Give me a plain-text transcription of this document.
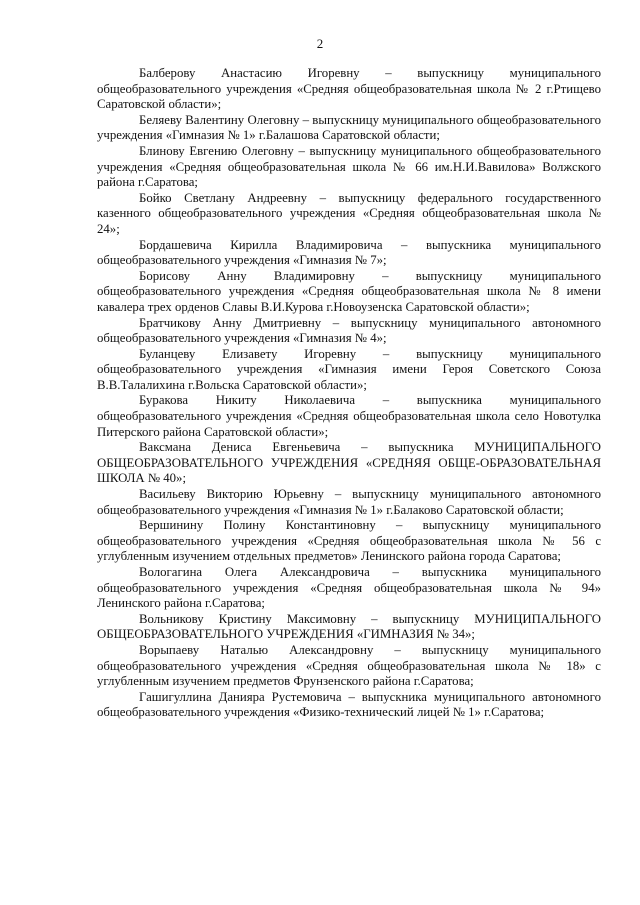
2

Балберову Анастасию Игоревну – выпускницу муниципального общеобразовательного учреждения «Средняя общеобразовательная школа № 2 г.Ртищево Саратовской области»;

Беляеву Валентину Олеговну – выпускницу муниципального общеобразовательного учреждения «Гимназия № 1» г.Балашова Саратовской области;

Блинову Евгению Олеговну – выпускницу муниципального общеобразовательного учреждения «Средняя общеобразовательная школа № 66 им.Н.И.Вавилова» Волжского района г.Саратова;

Бойко Светлану Андреевну – выпускницу федерального государственного казенного общеобразовательного учреждения «Средняя общеобразовательная школа № 24»;

Бордашевича Кирилла Владимировича – выпускника муниципального общеобразовательного учреждения «Гимназия № 7»;

Борисову Анну Владимировну – выпускницу муниципального общеобразовательного учреждения «Средняя общеобразовательная школа № 8 имени кавалера трех орденов Славы В.И.Курова г.Новоузенска Саратовской области»;

Братчикову Анну Дмитриевну – выпускницу муниципального автономного общеобразовательного учреждения «Гимназия № 4»;

Буланцеву Елизавету Игоревну – выпускницу муниципального общеобразовательного учреждения «Гимназия имени Героя Советского Союза В.В.Талалихина г.Вольска Саратовской области»;

Буракова Никиту Николаевича – выпускника муниципального общеобразовательного учреждения «Средняя общеобразовательная школа село Новотулка Питерского района Саратовской области»;

Ваксмана Дениса Евгеньевича – выпускника МУНИЦИПАЛЬНОГО ОБЩЕОБРАЗОВАТЕЛЬНОГО УЧРЕЖДЕНИЯ «СРЕДНЯЯ ОБЩЕ-ОБРАЗОВАТЕЛЬНАЯ ШКОЛА № 40»;

Васильеву Викторию Юрьевну – выпускницу муниципального автономного общеобразовательного учреждения «Гимназия № 1» г.Балаково Саратовской области;

Вершинину Полину Константиновну – выпускницу муниципального общеобразовательного учреждения «Средняя общеобразовательная школа № 56 с углубленным изучением отдельных предметов» Ленинского района города Саратова;

Вологагина Олега Александровича – выпускника муниципального общеобразовательного учреждения «Средняя общеобразовательная школа № 94» Ленинского района г.Саратова;

Вольникову Кристину Максимовну – выпускницу МУНИЦИПАЛЬНОГО ОБЩЕОБРАЗОВАТЕЛЬНОГО УЧРЕЖДЕНИЯ «ГИМНАЗИЯ № 34»;

Ворыпаеву Наталью Александровну – выпускницу муниципального общеобразовательного учреждения «Средняя общеобразовательная школа № 18» с углубленным изучением предметов Фрунзенского района г.Саратова;

Гашигуллина Данияра Рустемовича – выпускника муниципального автономного общеобразовательного учреждения «Физико-технический лицей № 1» г.Саратова;
